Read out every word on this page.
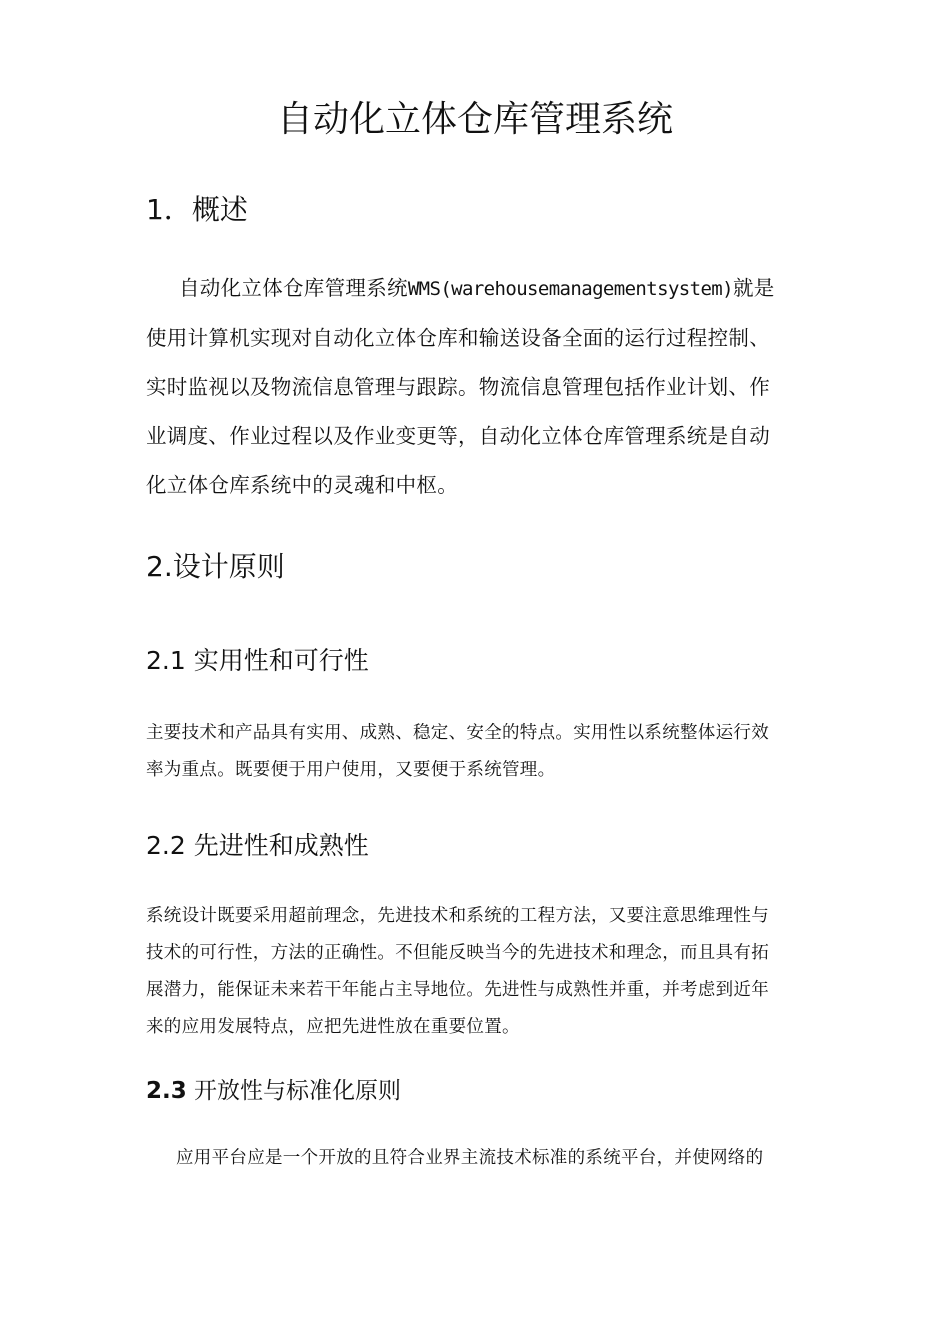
自动化立体仓库管理系统
1．概述
自动化立体仓库管理系统WMS(warehousemanagementsystem)就是
使用计算机实现对自动化立体仓库和输送设备全面的运行过程控制、
实时监视以及物流信息管理与跟踪。物流信息管理包括作业计划、作
业调度、作业过程以及作业变更等，自动化立体仓库管理系统是自动
化立体仓库系统中的灵魂和中枢。
2.设计原则
2.1 实用性和可行性
主要技术和产品具有实用、成熟、稳定、安全的特点。实用性以系统整体运行效
率为重点。既要便于用户使用，又要便于系统管理。
2.2 先进性和成熟性
系统设计既要采用超前理念，先进技术和系统的工程方法，又要注意思维理性与
技术的可行性，方法的正确性。不但能反映当今的先进技术和理念，而且具有拓
展潜力，能保证未来若干年能占主导地位。先进性与成熟性并重，并考虑到近年
来的应用发展特点，应把先进性放在重要位置。
2.3 开放性与标准化原则
应用平台应是一个开放的且符合业界主流技术标准的系统平台，并使网络的
